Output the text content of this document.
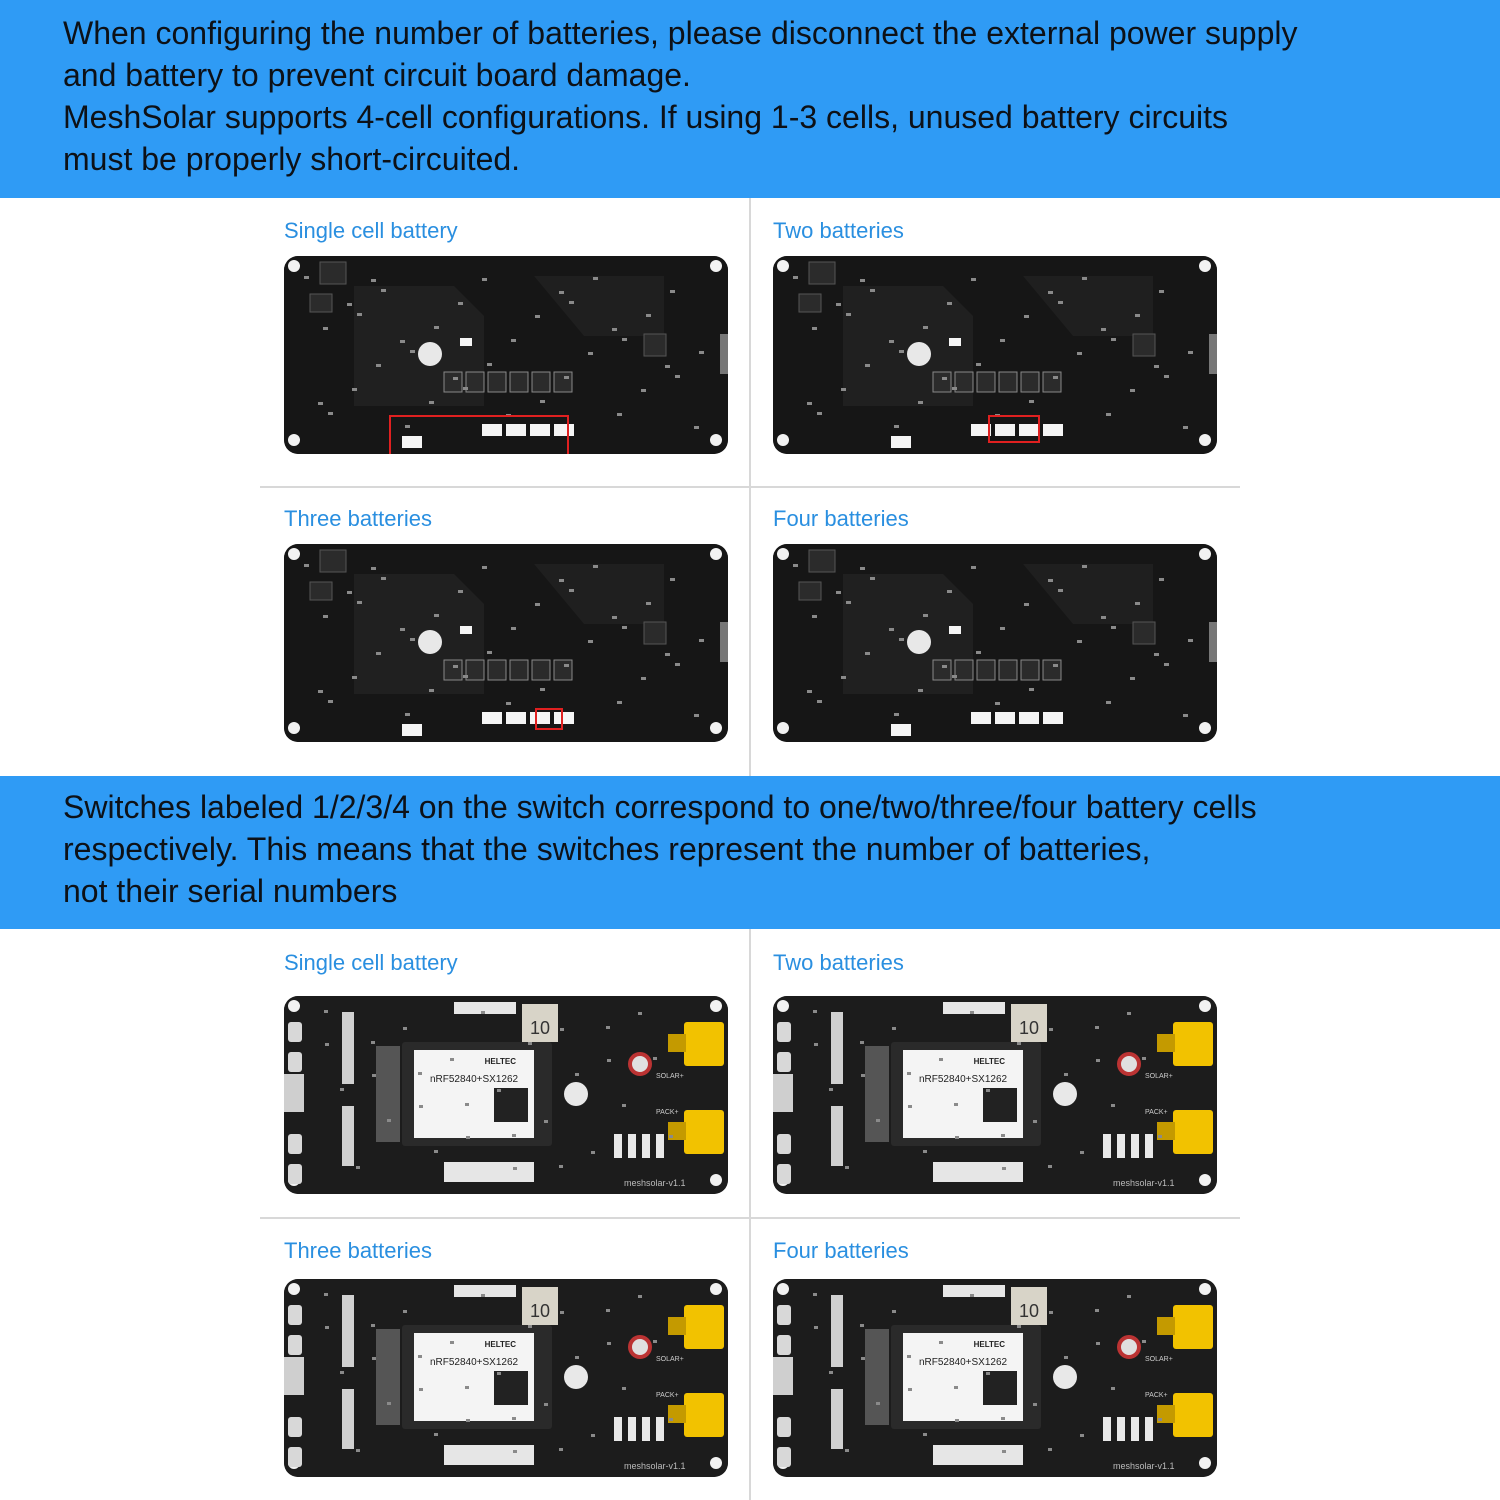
When configuring the number of batteries, please disconnect the external power supply

and battery to prevent circuit board damage.

MeshSolar supports 4-cell configurations. If using 1-3 cells, unused battery circuits

must be properly short-circuited.

Single cell battery	Two batteries
Three batteries	Four batteries

Switches labeled 1/2/3/4 on the switch correspond to one/two/three/four battery cells

respectively. This means that the switches represent the number of batteries,

not their serial numbers

Single cell battery
10
HELTEC
nRF52840+SX1262	SOLAR+
PACK+
meshsolar-v1.1
Two batteries
10
HELTEC
nRF52840+SX1262	SOLAR+
PACK+
meshsolar-v1.1
Three batteries
10
HELTEC
nRF52840+SX1262	SOLAR+
PACK+
meshsolar-v1.1
Four batteries
10
HELTEC
nRF52840+SX1262	SOLAR+
PACK+
meshsolar-v1.1
